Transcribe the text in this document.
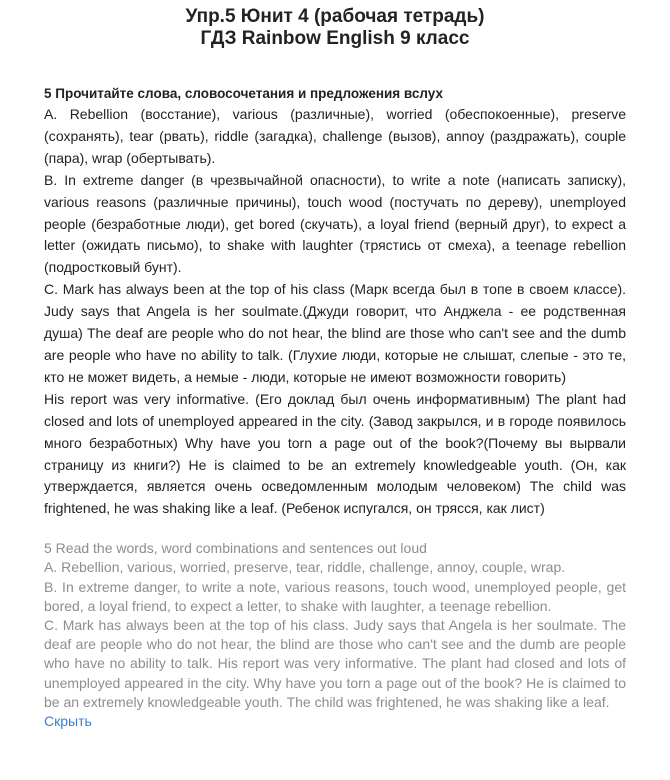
Упр.5 Юнит 4 (рабочая тетрадь)
ГДЗ Rainbow English 9 класс
5 Прочитайте слова, словосочетания и предложения вслух

A. Rebellion (восстание), various (различные), worried (обеспокоенные), preserve (сохранять), tear (рвать), riddle (загадка), challenge (вызов), annoy (раздражать), couple (пара), wrap (обертывать).

B. In extreme danger (в чрезвычайной опасности), to write a note (написать записку), various reasons (различные причины), touch wood (постучать по дереву), unemployed people (безработные люди), get bored (скучать), a loyal friend (верный друг), to expect a letter (ожидать письмо), to shake with laughter (трястись от смеха), a teenage rebellion (подростковый бунт).

C. Mark has always been at the top of his class (Марк всегда был в топе в своем классе). Judy says that Angela is her soulmate.(Джуди говорит, что Анджела - ее родственная душа) The deaf are people who do not hear, the blind are those who can't see and the dumb are people who have no ability to talk. (Глухие люди, которые не слышат, слепые - это те, кто не может видеть, а немые - люди, которые не имеют возможности говорить)

His report was very informative. (Его доклад был очень информативным) The plant had closed and lots of unemployed appeared in the city. (Завод закрылся, и в городе появилось много безработных) Why have you torn a page out of the book?(Почему вы вырвали страницу из книги?) He is claimed to be an extremely knowledgeable youth. (Он, как утверждается, является очень осведомленным молодым человеком) The child was frightened, he was shaking like a leaf. (Ребенок испугался, он трясся, как лист)

5 Read the words, word combinations and sentences out loud

A. Rebellion, various, worried, preserve, tear, riddle, challenge, annoy, couple, wrap.

B. In extreme danger, to write a note, various reasons, touch wood, unemployed people, get bored, a loyal friend, to expect a letter, to shake with laughter, a teenage rebellion.

C. Mark has always been at the top of his class. Judy says that Angela is her soulmate. The deaf are people who do not hear, the blind are those who can't see and the dumb are people who have no ability to talk. His report was very informative. The plant had closed and lots of unemployed appeared in the city. Why have you torn a page out of the book? He is claimed to be an extremely knowledgeable youth. The child was frightened, he was shaking like a leaf.

Скрыть
